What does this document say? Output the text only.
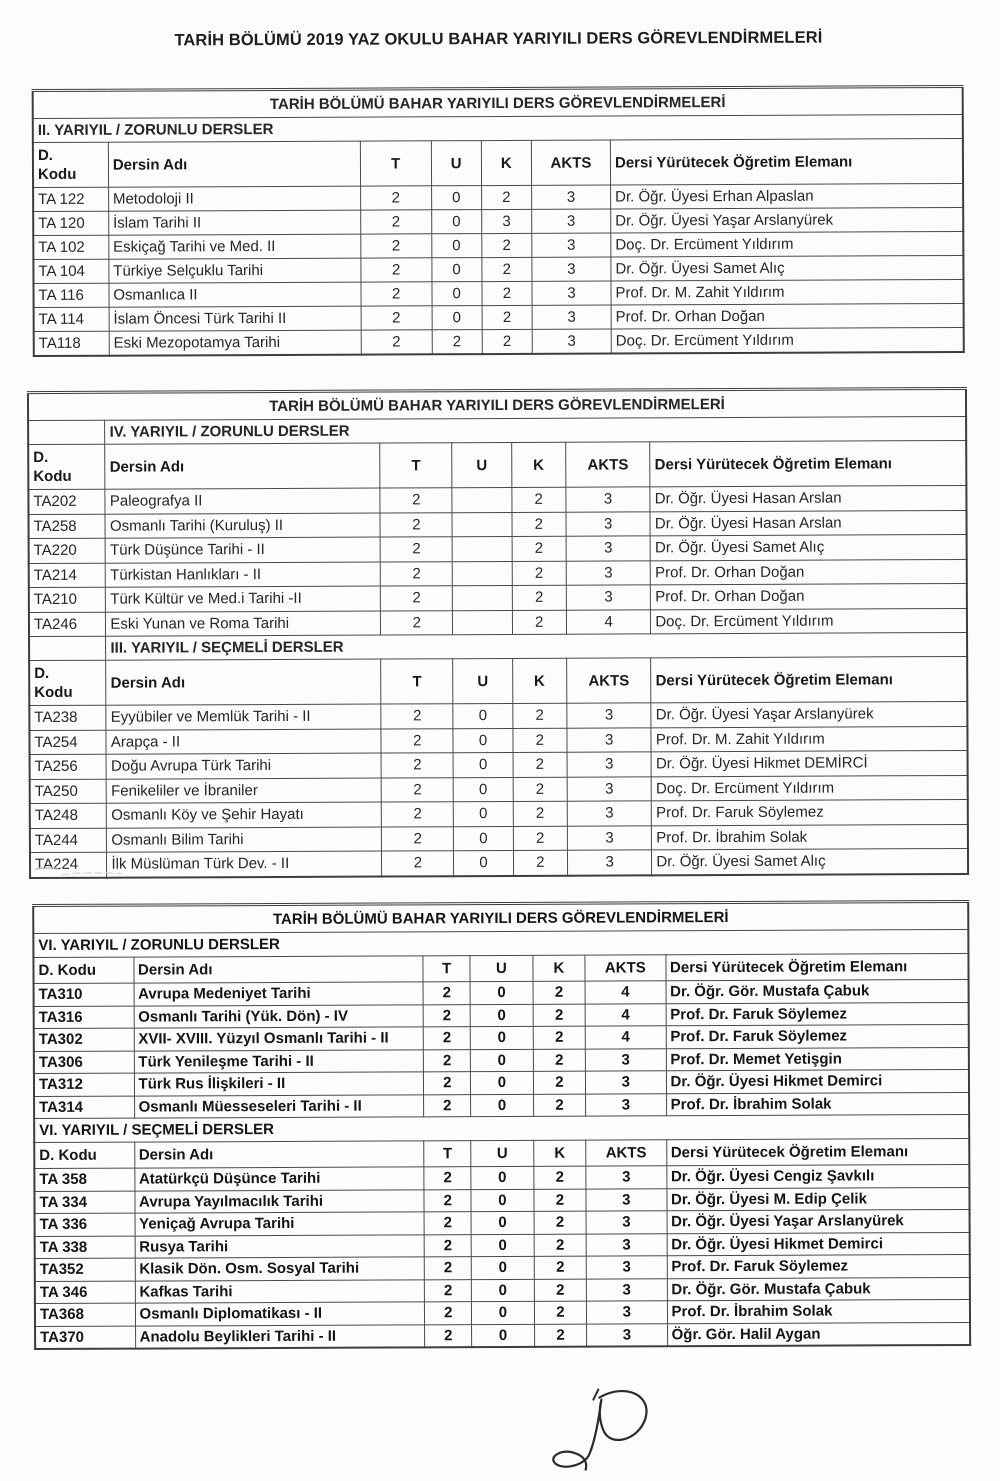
TARİH BÖLÜMÜ 2019 YAZ OKULU BAHAR YARIYILI DERS GÖREVLENDİRMELERİ
TARİH BÖLÜMÜ BAHAR YARIYILI DERS GÖREVLENDİRMELERİ						
II. YARIYIL / ZORUNLU DERSLER						
D.
Kodu	Dersin Adı	T	U	K	AKTS	Dersi Yürütecek Öğretim Elemanı
TA 122	Metodoloji II	2	0	2	3	Dr. Öğr. Üyesi Erhan Alpaslan
TA 120	İslam Tarihi II	2	0	3	3	Dr. Öğr. Üyesi Yaşar Arslanyürek
TA 102	Eskiçağ Tarihi ve Med. II	2	0	2	3	Doç. Dr. Ercüment Yıldırım
TA 104	Türkiye Selçuklu Tarihi	2	0	2	3	Dr. Öğr. Üyesi Samet Alıç
TA 116	Osmanlıca II	2	0	2	3	Prof. Dr. M. Zahit Yıldırım
TA 114	İslam Öncesi Türk Tarihi II	2	0	2	3	Prof. Dr. Orhan Doğan
TA118	Eski Mezopotamya Tarihi	2	2	2	3	Doç. Dr. Ercüment Yıldırım
TARİH BÖLÜMÜ BAHAR YARIYILI DERS GÖREVLENDİRMELERİ						
	IV. YARIYIL / ZORUNLU DERSLER					
D.
Kodu	Dersin Adı	T	U	K	AKTS	Dersi Yürütecek Öğretim Elemanı
TA202	Paleografya II	2		2	3	Dr. Öğr. Üyesi Hasan Arslan
TA258	Osmanlı Tarihi (Kuruluş) II	2		2	3	Dr. Öğr. Üyesi Hasan Arslan
TA220	Türk Düşünce Tarihi - II	2		2	3	Dr. Öğr. Üyesi Samet Alıç
TA214	Türkistan Hanlıkları - II	2		2	3	Prof. Dr. Orhan Doğan
TA210	Türk Kültür ve Med.i Tarihi -II	2		2	3	Prof. Dr. Orhan Doğan
TA246	Eski Yunan ve Roma Tarihi	2		2	4	Doç. Dr. Ercüment Yıldırım
	III. YARIYIL / SEÇMELİ DERSLER					
D.
Kodu	Dersin Adı	T	U	K	AKTS	Dersi Yürütecek Öğretim Elemanı
TA238	Eyyübiler ve Memlük Tarihi - II	2	0	2	3	Dr. Öğr. Üyesi Yaşar Arslanyürek
TA254	Arapça - II	2	0	2	3	Prof. Dr. M. Zahit Yıldırım
TA256	Doğu Avrupa Türk Tarihi	2	0	2	3	Dr. Öğr. Üyesi Hikmet DEMİRCİ
TA250	Fenikeliler ve İbraniler	2	0	2	3	Doç. Dr. Ercüment Yıldırım
TA248	Osmanlı Köy ve Şehir Hayatı	2	0	2	3	Prof. Dr. Faruk Söylemez
TA244	Osmanlı Bilim Tarihi	2	0	2	3	Prof. Dr. İbrahim Solak
TA224	İlk Müslüman Türk Dev. - II	2	0	2	3	Dr. Öğr. Üyesi Samet Alıç
TARİH BÖLÜMÜ BAHAR YARIYILI DERS GÖREVLENDİRMELERİ						
VI. YARIYIL / ZORUNLU DERSLER						
D. Kodu	Dersin Adı	T	U	K	AKTS	Dersi Yürütecek Öğretim Elemanı
TA310	Avrupa Medeniyet Tarihi	2	0	2	4	Dr. Öğr. Gör. Mustafa Çabuk
TA316	Osmanlı Tarihi (Yük. Dön) - IV	2	0	2	4	Prof. Dr. Faruk Söylemez
TA302	XVII- XVIII. Yüzyıl Osmanlı Tarihi - II	2	0	2	4	Prof. Dr. Faruk Söylemez
TA306	Türk Yenileşme Tarihi - II	2	0	2	3	Prof. Dr. Memet Yetişgin
TA312	Türk Rus İlişkileri - II	2	0	2	3	Dr. Öğr. Üyesi Hikmet Demirci
TA314	Osmanlı Müesseseleri Tarihi - II	2	0	2	3	Prof. Dr. İbrahim Solak
VI. YARIYIL / SEÇMELİ DERSLER						
D. Kodu	Dersin Adı	T	U	K	AKTS	Dersi Yürütecek Öğretim Elemanı
TA 358	Atatürkçü Düşünce Tarihi	2	0	2	3	Dr. Öğr. Üyesi Cengiz Şavkılı
TA 334	Avrupa Yayılmacılık Tarihi	2	0	2	3	Dr. Öğr. Üyesi M. Edip Çelik
TA 336	Yeniçağ Avrupa Tarihi	2	0	2	3	Dr. Öğr. Üyesi Yaşar Arslanyürek
TA 338	Rusya Tarihi	2	0	2	3	Dr. Öğr. Üyesi Hikmet Demirci
TA352	Klasik Dön. Osm. Sosyal Tarihi	2	0	2	3	Prof. Dr. Faruk Söylemez
TA 346	Kafkas Tarihi	2	0	2	3	Dr. Öğr. Gör. Mustafa Çabuk
TA368	Osmanlı Diplomatikası - II	2	0	2	3	Prof. Dr. İbrahim Solak
TA370	Anadolu Beylikleri Tarihi - II	2	0	2	3	Öğr. Gör. Halil Aygan
